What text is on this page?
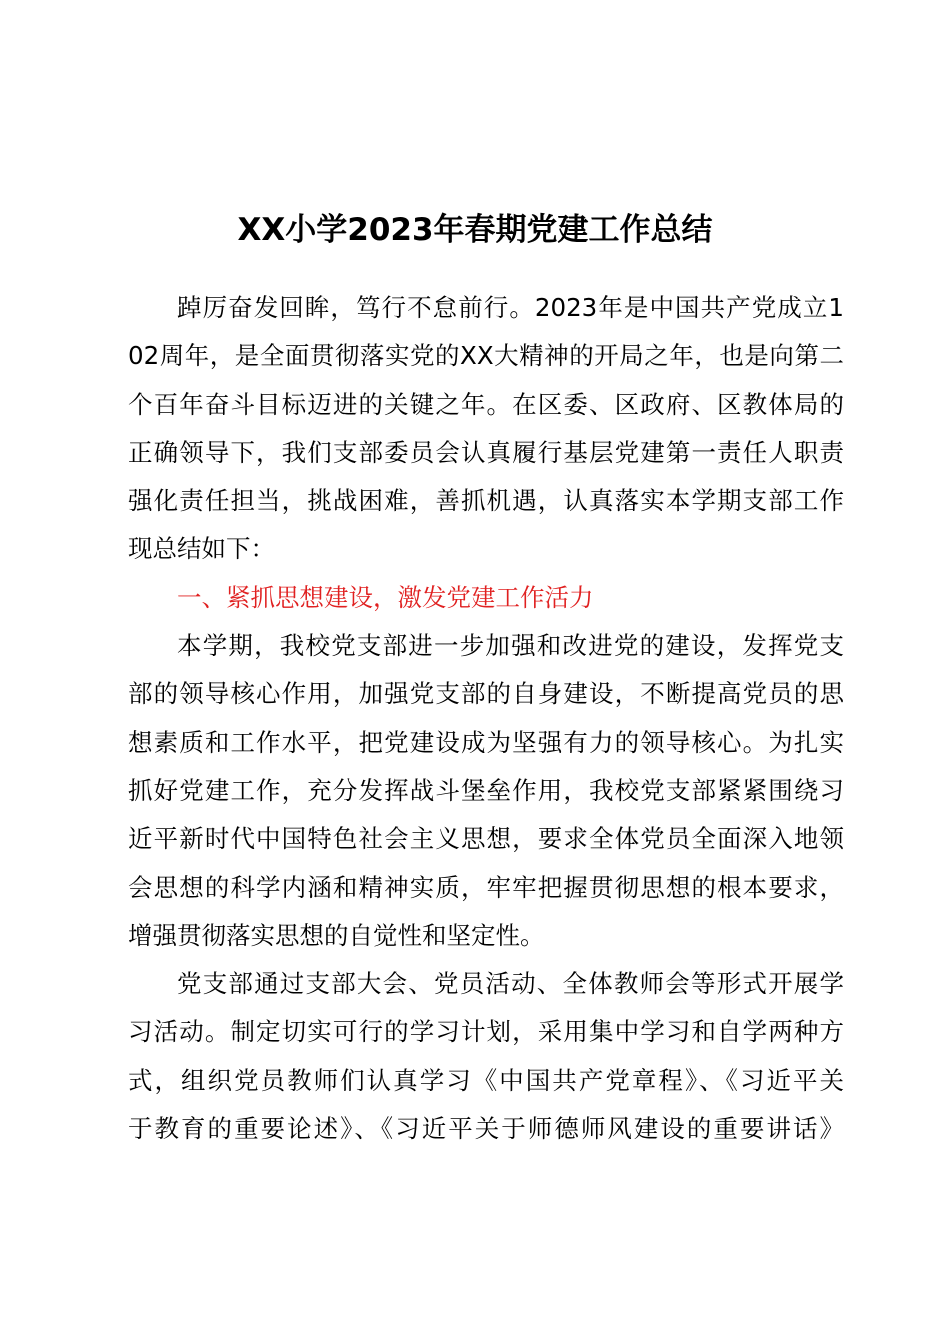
XX小学2023年春期党建工作总结
踔厉奋发回眸，笃行不怠前行。2023年是中国共产党成立1
02周年，是全面贯彻落实党的XX大精神的开局之年，也是向第二
个百年奋斗目标迈进的关键之年。在区委、区政府、区教体局的
正确领导下，我们支部委员会认真履行基层党建第一责任人职责
强化责任担当，挑战困难，善抓机遇，认真落实本学期支部工作
现总结如下：
一、紧抓思想建设，激发党建工作活力
本学期，我校党支部进一步加强和改进党的建设，发挥党支
部的领导核心作用，加强党支部的自身建设，不断提高党员的思
想素质和工作水平，把党建设成为坚强有力的领导核心。为扎实
抓好党建工作，充分发挥战斗堡垒作用，我校党支部紧紧围绕习
近平新时代中国特色社会主义思想，要求全体党员全面深入地领
会思想的科学内涵和精神实质，牢牢把握贯彻思想的根本要求，
增强贯彻落实思想的自觉性和坚定性。
党支部通过支部大会、党员活动、全体教师会等形式开展学
习活动。制定切实可行的学习计划，采用集中学习和自学两种方
式，组织党员教师们认真学习《中国共产党章程》、《习近平关
于教育的重要论述》、《习近平关于师德师风建设的重要讲话》
